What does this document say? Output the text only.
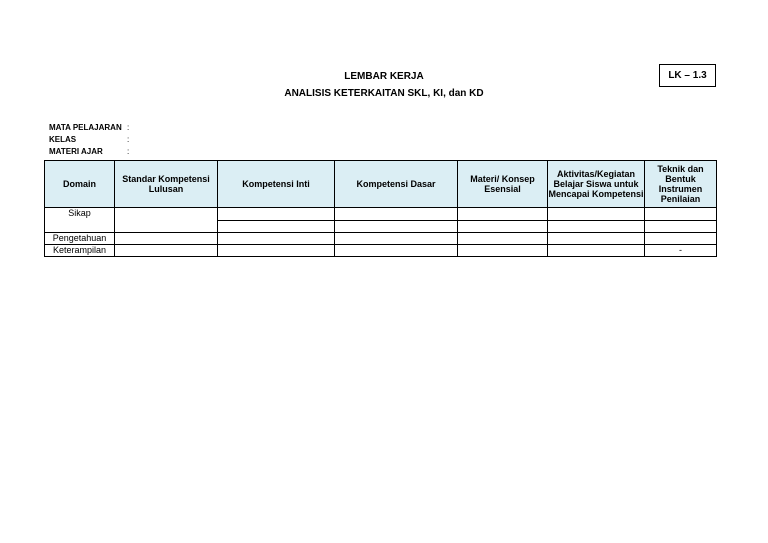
LEMBAR KERJA
ANALISIS KETERKAITAN SKL, KI, dan KD
LK – 1.3
MATA PELAJARAN :
KELAS	:
MATERI AJAR	:
Domain	Standar Kompetensi Lulusan	Kompetensi Inti	Kompetensi Dasar	Materi/ Konsep Esensial	Aktivitas/Kegiatan Belajar Siswa untuk Mencapai Kompetensi	Teknik dan Bentuk Instrumen Penilaian
Sikap						

Pengetahuan						
Keterampilan						-
